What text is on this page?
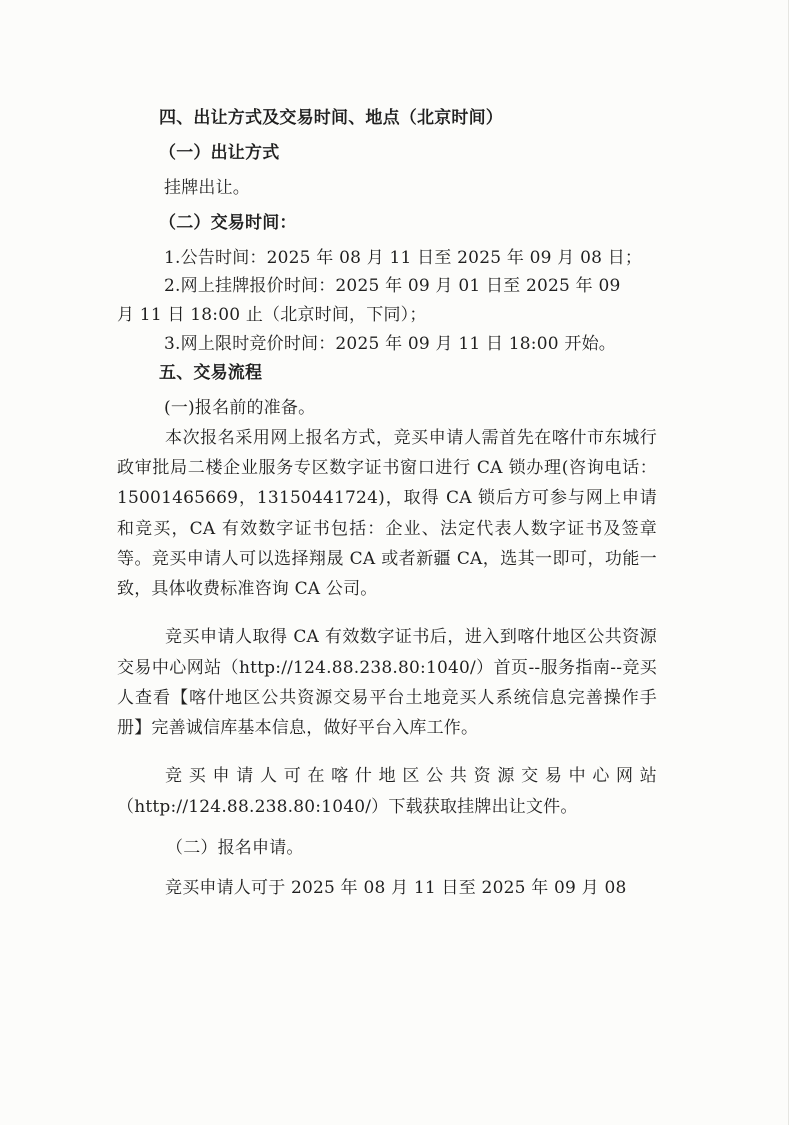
四、出让方式及交易时间、地点（北京时间）

（一）出让方式

挂牌出让。

（二）交易时间：

1.公告时间：2025 年 08 月 11 日至 2025 年 09 月 08 日；

2.网上挂牌报价时间：2025 年 09 月 01 日至 2025 年 09

月 11 日 18:00 止（北京时间，下同）；

3.网上限时竞价时间：2025 年 09 月 11 日 18:00 开始。

五、交易流程

(一)报名前的准备。

本次报名采用网上报名方式，竞买申请人需首先在喀什市东城行政审批局二楼企业服务专区数字证书窗口进行 CA 锁办理(咨询电话：15001465669，13150441724)，取得 CA 锁后方可参与网上申请和竞买，CA 有效数字证书包括：企业、法定代表人数字证书及签章等。竞买申请人可以选择翔晟 CA 或者新疆 CA，选其一即可，功能一致，具体收费标准咨询 CA 公司。

竞买申请人取得 CA 有效数字证书后，进入到喀什地区公共资源交易中心网站（http://124.88.238.80:1040/）首页--服务指南--竞买人查看【喀什地区公共资源交易平台土地竞买人系统信息完善操作手册】完善诚信库基本信息，做好平台入库工作。

竞买申请人可在喀什地区公共资源交易中心网站（http://124.88.238.80:1040/）下载获取挂牌出让文件。

（二）报名申请。

竞买申请人可于 2025 年 08 月 11 日至 2025 年 09 月 08
